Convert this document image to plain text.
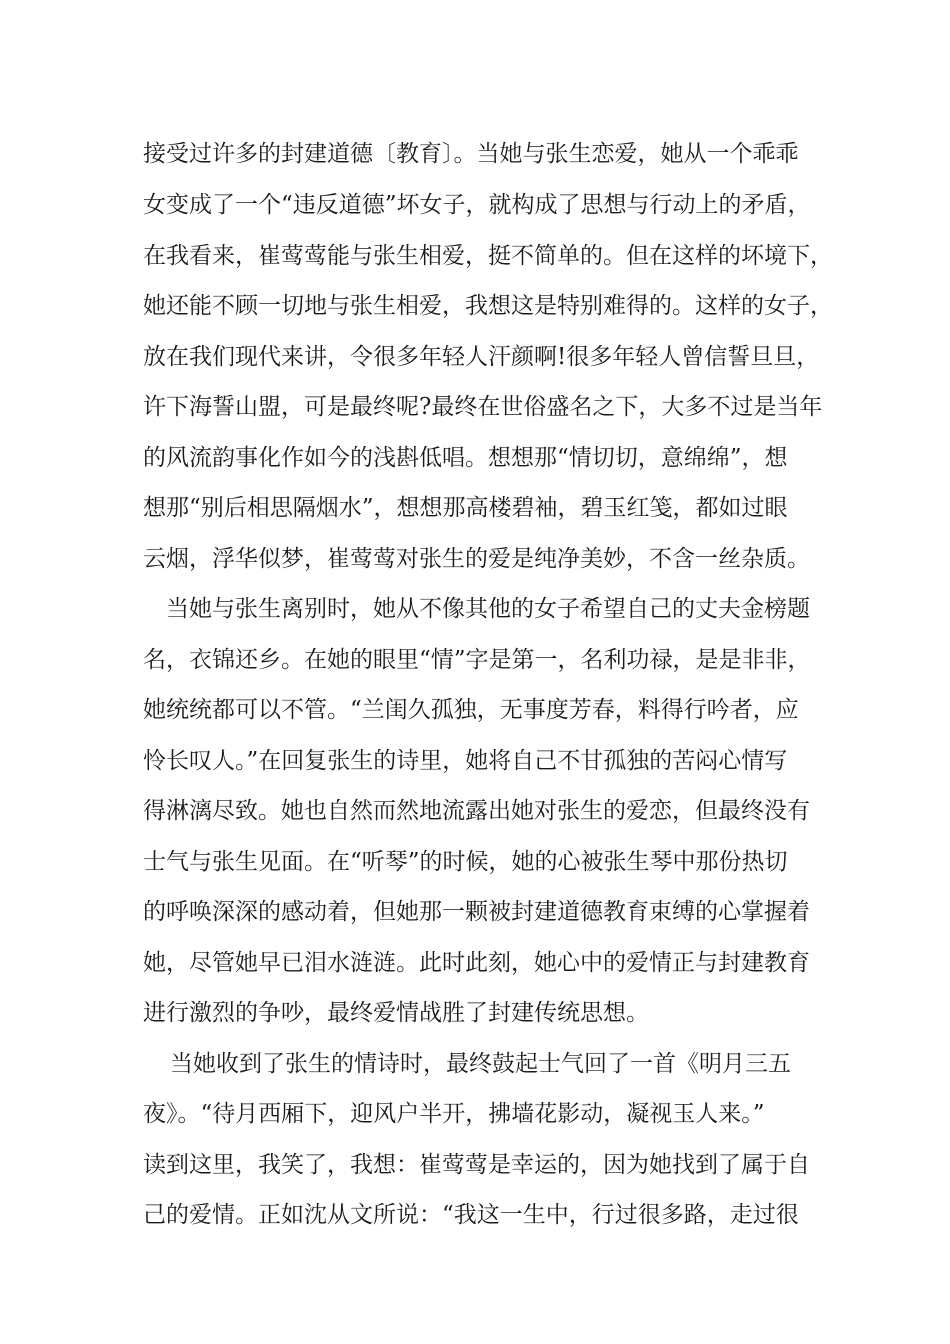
接受过许多的封建道德〔教育〕。当她与张生恋爱，她从一个乖乖
女变成了一个“违反道德”坏女子，就构成了思想与行动上的矛盾，
在我看来，崔莺莺能与张生相爱，挺不简单的。但在这样的坏境下，
她还能不顾一切地与张生相爱，我想这是特别难得的。这样的女子，
放在我们现代来讲，令很多年轻人汗颜啊!很多年轻人曾信誓旦旦，
许下海誓山盟，可是最终呢?最终在世俗盛名之下，大多不过是当年
的风流韵事化作如今的浅斟低唱。想想那“情切切，意绵绵”，想
想那“别后相思隔烟水”，想想那高楼碧袖，碧玉红笺，都如过眼
云烟，浮华似梦，崔莺莺对张生的爱是纯净美妙，不含一丝杂质。
当她与张生离别时，她从不像其他的女子希望自己的丈夫金榜题
名，衣锦还乡。在她的眼里“情”字是第一，名利功禄，是是非非，
她统统都可以不管。“兰闺久孤独，无事度芳春，料得行吟者，应
怜长叹人。”在回复张生的诗里，她将自己不甘孤独的苦闷心情写
得淋漓尽致。她也自然而然地流露出她对张生的爱恋，但最终没有
士气与张生见面。在“听琴”的时候，她的心被张生琴中那份热切
的呼唤深深的感动着，但她那一颗被封建道德教育束缚的心掌握着
她，尽管她早已泪水涟涟。此时此刻，她心中的爱情正与封建教育
进行激烈的争吵，最终爱情战胜了封建传统思想。
当她收到了张生的情诗时，最终鼓起士气回了一首《明月三五
夜》。“待月西厢下，迎风户半开，拂墙花影动，凝视玉人来。”
读到这里，我笑了，我想：崔莺莺是幸运的，因为她找到了属于自
己的爱情。正如沈从文所说：“我这一生中，行过很多路，走过很
